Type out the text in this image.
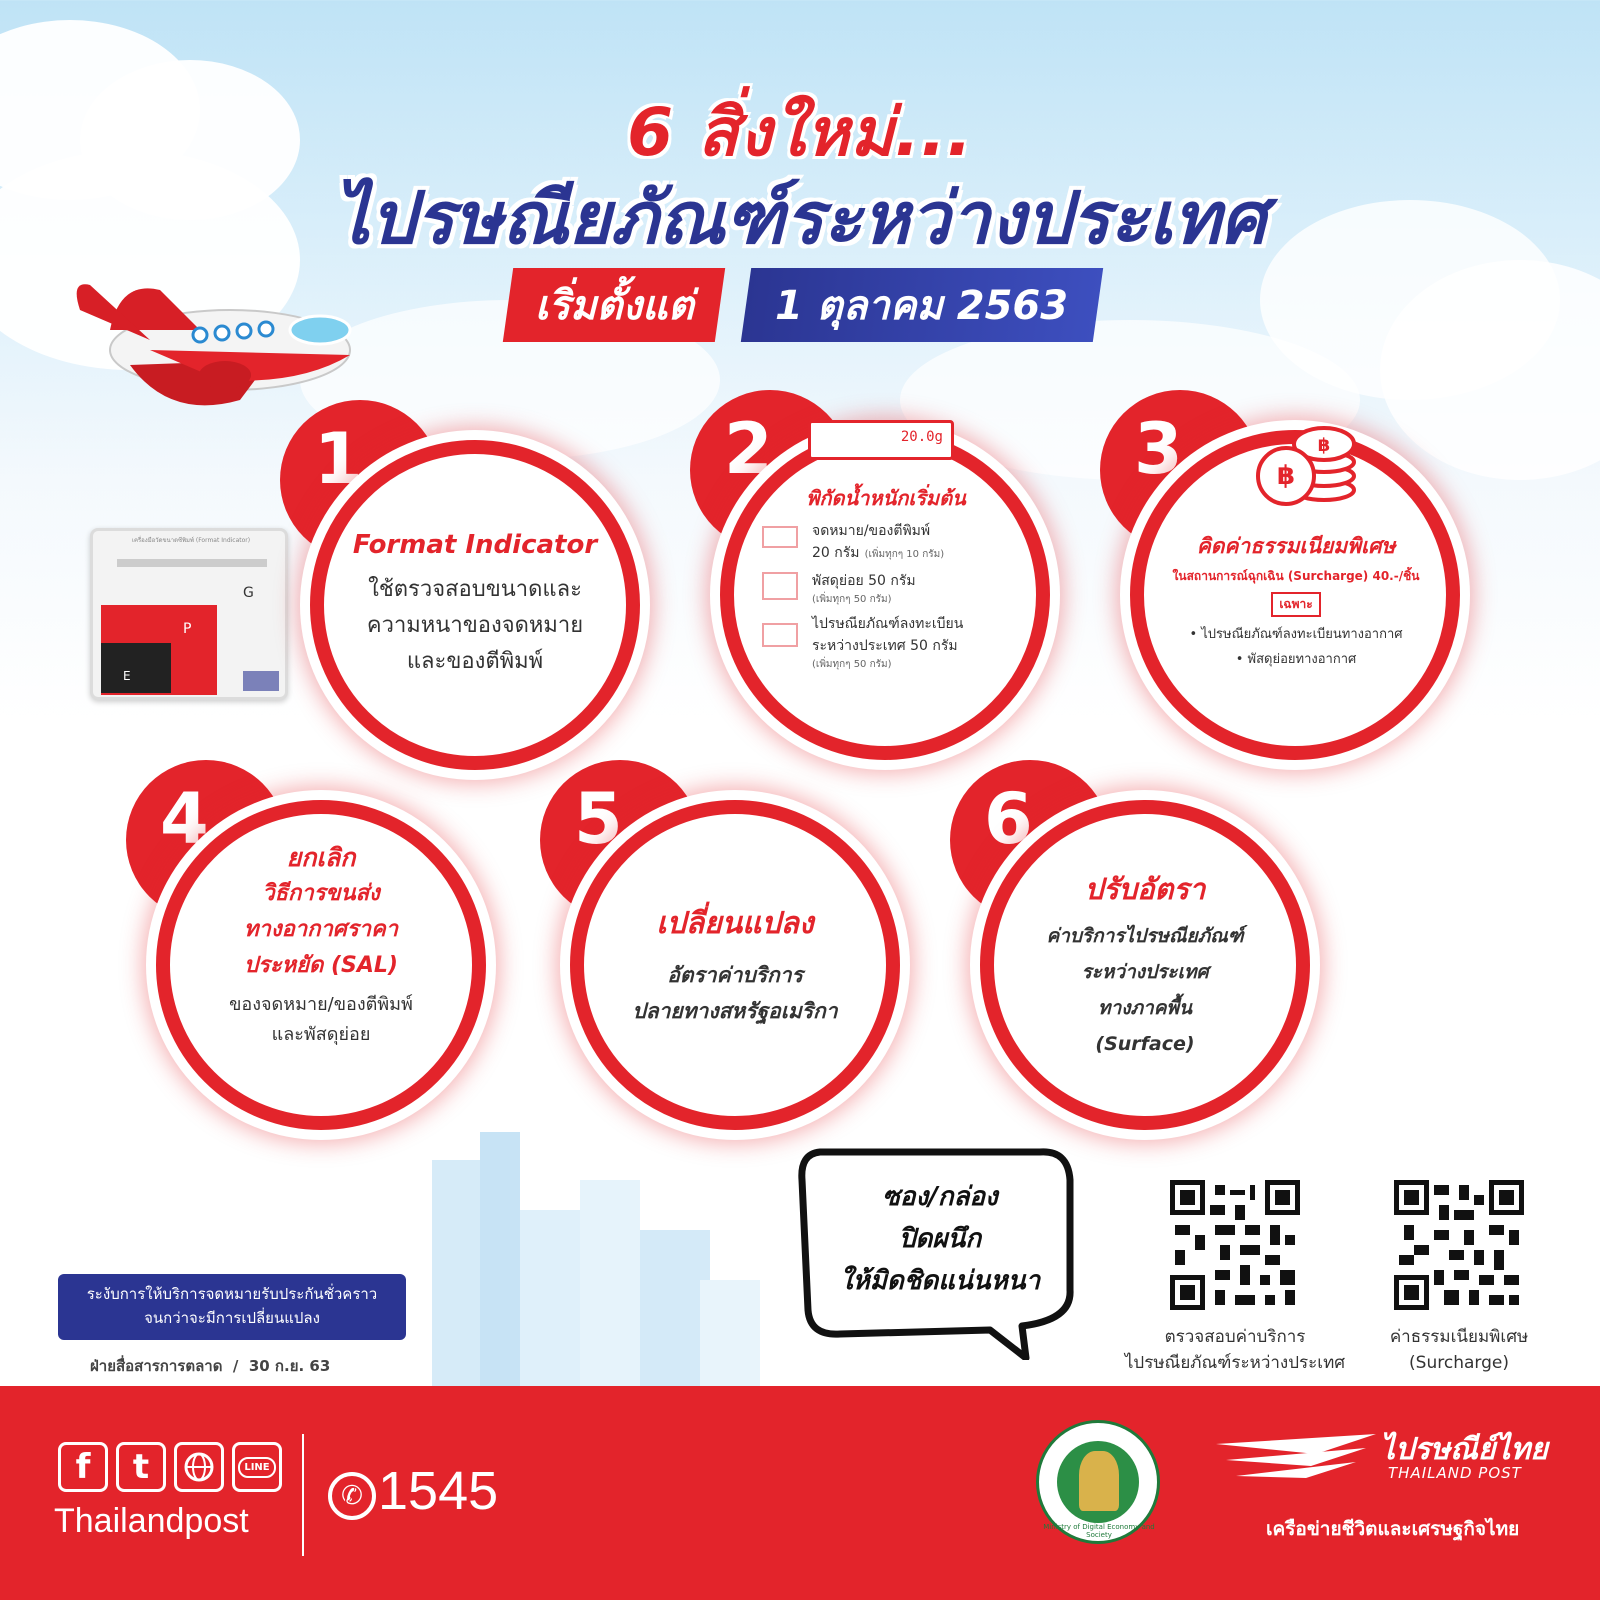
6 สิ่งใหม่...
ไปรษณียภัณฑ์ระหว่างประเทศ
เริ่มตั้งแต่ 1 ตุลาคม 2563
เครื่องมือวัดขนาดซีพิมพ์ (Format Indicator)
G
P
E
1
Format Indicator
ใช้ตรวจสอบขนาดและ
ความหนาของจดหมาย
และของตีพิมพ์
2	20.0g
พิกัดน้ำหนักเริ่มต้น
จดหมาย/ของตีพิมพ์
20 กรัม (เพิ่มทุกๆ 10 กรัม)
พัสดุย่อย 50 กรัม
(เพิ่มทุกๆ 50 กรัม)
ไปรษณียภัณฑ์ลงทะเบียน
ระหว่างประเทศ 50 กรัม
(เพิ่มทุกๆ 50 กรัม)
3	฿
฿
คิดค่าธรรมเนียมพิเศษ
ในสถานการณ์ฉุกเฉิน (Surcharge) 40.-/ชิ้น
เฉพาะ
• ไปรษณียภัณฑ์ลงทะเบียนทางอากาศ
• พัสดุย่อยทางอากาศ
4	ยกเลิก
วิธีการขนส่ง
ทางอากาศราคา
ประหยัด (SAL)
ของจดหมาย/ของตีพิมพ์
และพัสดุย่อย
5
เปลี่ยนแปลง
อัตราค่าบริการ
ปลายทางสหรัฐอเมริกา
6
ปรับอัตรา
ค่าบริการไปรษณียภัณฑ์
ระหว่างประเทศ
ทางภาคพื้น
(Surface)
ซอง/กล่อง
ปิดผนึก
ให้มิดชิดแน่นหนา
ตรวจสอบค่าบริการ
ไปรษณียภัณฑ์ระหว่างประเทศ
ค่าธรรมเนียมพิเศษ
(Surcharge)
ระงับการให้บริการจดหมายรับประกันชั่วคราว
จนกว่าจะมีการเปลี่ยนแปลง
ฝ่ายสื่อสารการตลาด  /  30 ก.ย. 63
f	t	LINE
Thailandpost
✆ 1545
Ministry of Digital Economy and Society
ไปรษณีย์ไทย
THAILAND POST
เครือข่ายชีวิตและเศรษฐกิจไทย
